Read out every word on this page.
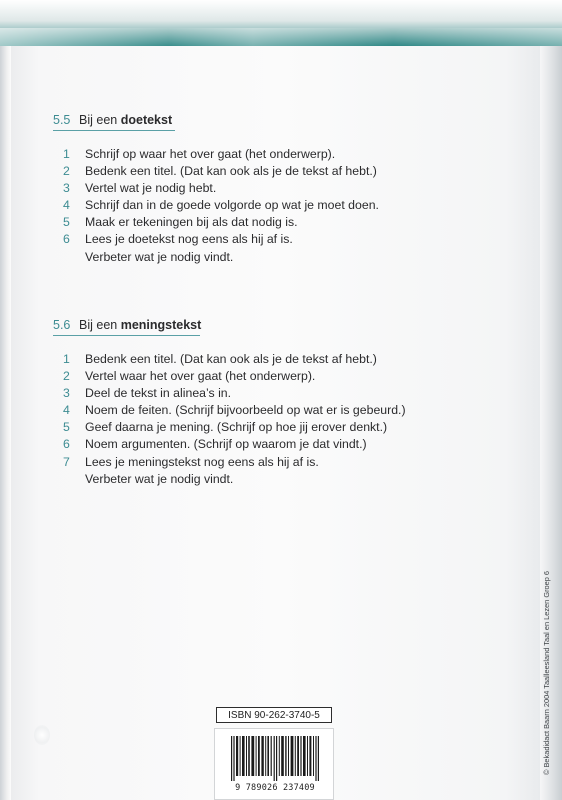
5.5 Bij een doetekst
1 Schrijf op waar het over gaat (het onderwerp).
2 Bedenk een titel. (Dat kan ook als je de tekst af hebt.)
3 Vertel wat je nodig hebt.
4 Schrijf dan in de goede volgorde op wat je moet doen.
5 Maak er tekeningen bij als dat nodig is.
6 Lees je doetekst nog eens als hij af is.
Verbeter wat je nodig vindt.
5.6 Bij een meningstekst
1 Bedenk een titel. (Dat kan ook als je de tekst af hebt.)
2 Vertel waar het over gaat (het onderwerp).
3 Deel de tekst in alinea’s in.
4 Noem de feiten. (Schrijf bijvoorbeeld op wat er is gebeurd.)
5 Geef daarna je mening. (Schrijf op hoe jij erover denkt.)
6 Noem argumenten. (Schrijf op waarom je dat vindt.)
7 Lees je meningstekst nog eens als hij af is.
Verbeter wat je nodig vindt.
© Bekadidact Baarn 2004 Taalleesland Taal en Lezen Groep 6
ISBN 90-262-3740-5
9 789026 237409
